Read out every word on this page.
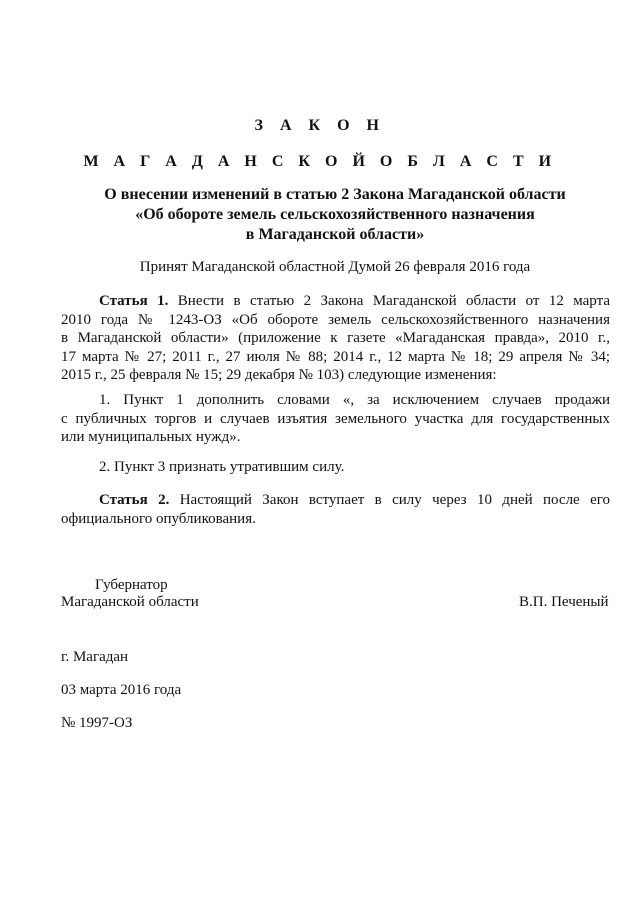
З А К О Н
М А Г А Д А Н С К О Й О Б Л А С Т И
О внесении изменений в статью 2 Закона Магаданской области
«Об обороте земель сельскохозяйственного назначения
в Магаданской области»
Принят Магаданской областной Думой 26 февраля 2016 года
Статья 1. Внести в статью 2 Закона Магаданской области от 12 марта
2010 года № 1243-ОЗ «Об обороте земель сельскохозяйственного назначения
в Магаданской области» (приложение к газете «Магаданская правда», 2010 г.,
17 марта № 27; 2011 г., 27 июля № 88; 2014 г., 12 марта № 18; 29 апреля № 34;
2015 г., 25 февраля № 15; 29 декабря № 103) следующие изменения:
1. Пункт 1 дополнить словами «, за исключением случаев продажи
с публичных торгов и случаев изъятия земельного участка для государственных
или муниципальных нужд».
2. Пункт 3 признать утратившим силу.
Статья 2. Настоящий Закон вступает в силу через 10 дней после его
официального опубликования.
Губернатор
Магаданской области	В.П. Печеный
г. Магадан
03 марта 2016 года
№ 1997-ОЗ
